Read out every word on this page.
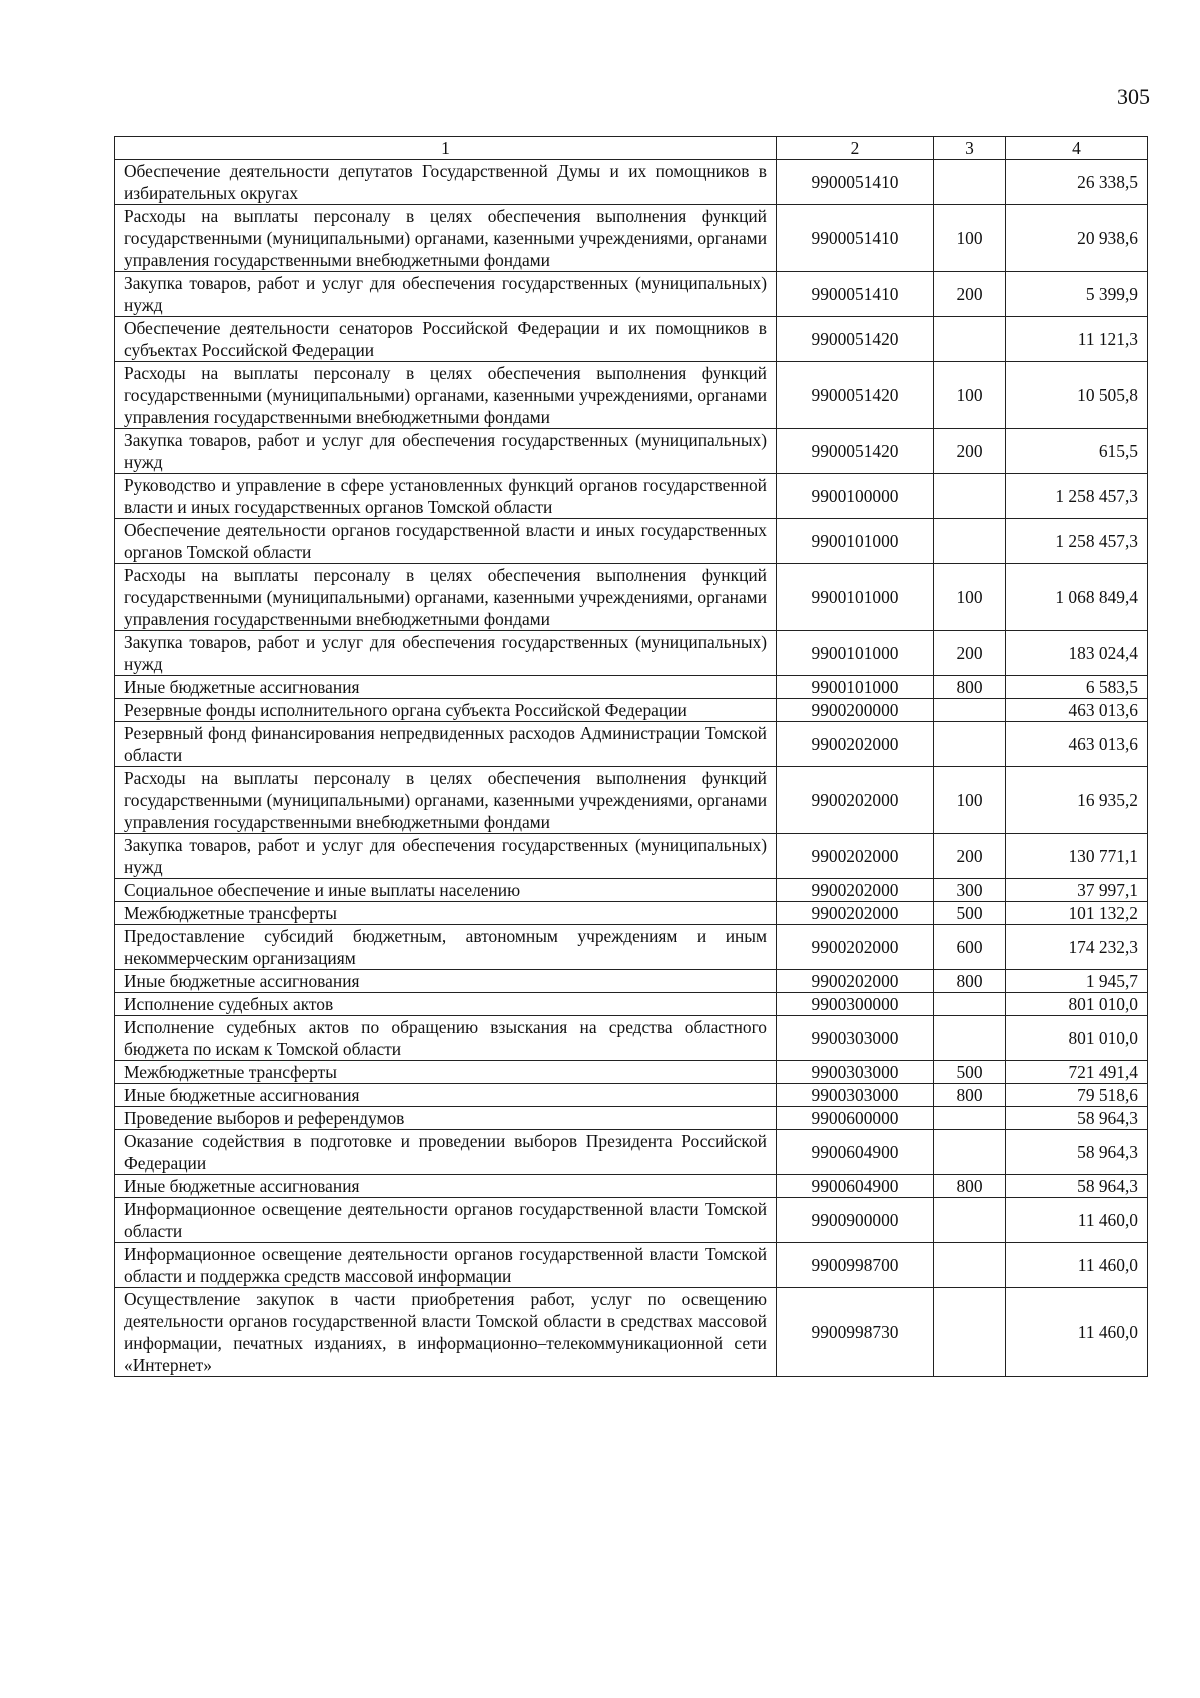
305
1	2	3	4
Обеспечение деятельности депутатов Государственной Думы и их помощников в избирательных округах	9900051410		26 338,5
Расходы на выплаты персоналу в целях обеспечения выполнения функций государственными (муниципальными) органами, казенными учреждениями, органами управления государственными внебюджетными фондами	9900051410	100	20 938,6
Закупка товаров, работ и услуг для обеспечения государственных (муниципальных) нужд	9900051410	200	5 399,9
Обеспечение деятельности сенаторов Российской Федерации и их помощников в субъектах Российской Федерации	9900051420		11 121,3
Расходы на выплаты персоналу в целях обеспечения выполнения функций государственными (муниципальными) органами, казенными учреждениями, органами управления государственными внебюджетными фондами	9900051420	100	10 505,8
Закупка товаров, работ и услуг для обеспечения государственных (муниципальных) нужд	9900051420	200	615,5
Руководство и управление в сфере установленных функций органов государственной власти и иных государственных органов Томской области	9900100000		1 258 457,3
Обеспечение деятельности органов государственной власти и иных государственных органов Томской области	9900101000		1 258 457,3
Расходы на выплаты персоналу в целях обеспечения выполнения функций государственными (муниципальными) органами, казенными учреждениями, органами управления государственными внебюджетными фондами	9900101000	100	1 068 849,4
Закупка товаров, работ и услуг для обеспечения государственных (муниципальных) нужд	9900101000	200	183 024,4
Иные бюджетные ассигнования	9900101000	800	6 583,5
Резервные фонды исполнительного органа субъекта Российской Федерации	9900200000		463 013,6
Резервный фонд финансирования непредвиденных расходов Администрации Томской области	9900202000		463 013,6
Расходы на выплаты персоналу в целях обеспечения выполнения функций государственными (муниципальными) органами, казенными учреждениями, органами управления государственными внебюджетными фондами	9900202000	100	16 935,2
Закупка товаров, работ и услуг для обеспечения государственных (муниципальных) нужд	9900202000	200	130 771,1
Социальное обеспечение и иные выплаты населению	9900202000	300	37 997,1
Межбюджетные трансферты	9900202000	500	101 132,2
Предоставление субсидий бюджетным, автономным учреждениям и иным некоммерческим организациям	9900202000	600	174 232,3
Иные бюджетные ассигнования	9900202000	800	1 945,7
Исполнение судебных актов	9900300000		801 010,0
Исполнение судебных актов по обращению взыскания на средства областного бюджета по искам к Томской области	9900303000		801 010,0
Межбюджетные трансферты	9900303000	500	721 491,4
Иные бюджетные ассигнования	9900303000	800	79 518,6
Проведение выборов и референдумов	9900600000		58 964,3
Оказание содействия в подготовке и проведении выборов Президента Российской Федерации	9900604900		58 964,3
Иные бюджетные ассигнования	9900604900	800	58 964,3
Информационное освещение деятельности органов государственной власти Томской области	9900900000		11 460,0
Информационное освещение деятельности органов государственной власти Томской области и поддержка средств массовой информации	9900998700		11 460,0
Осуществление закупок в части приобретения работ, услуг по освещению деятельности органов государственной власти Томской области в средствах массовой информации, печатных изданиях, в информационно–телекоммуникационной сети «Интернет»	9900998730		11 460,0
